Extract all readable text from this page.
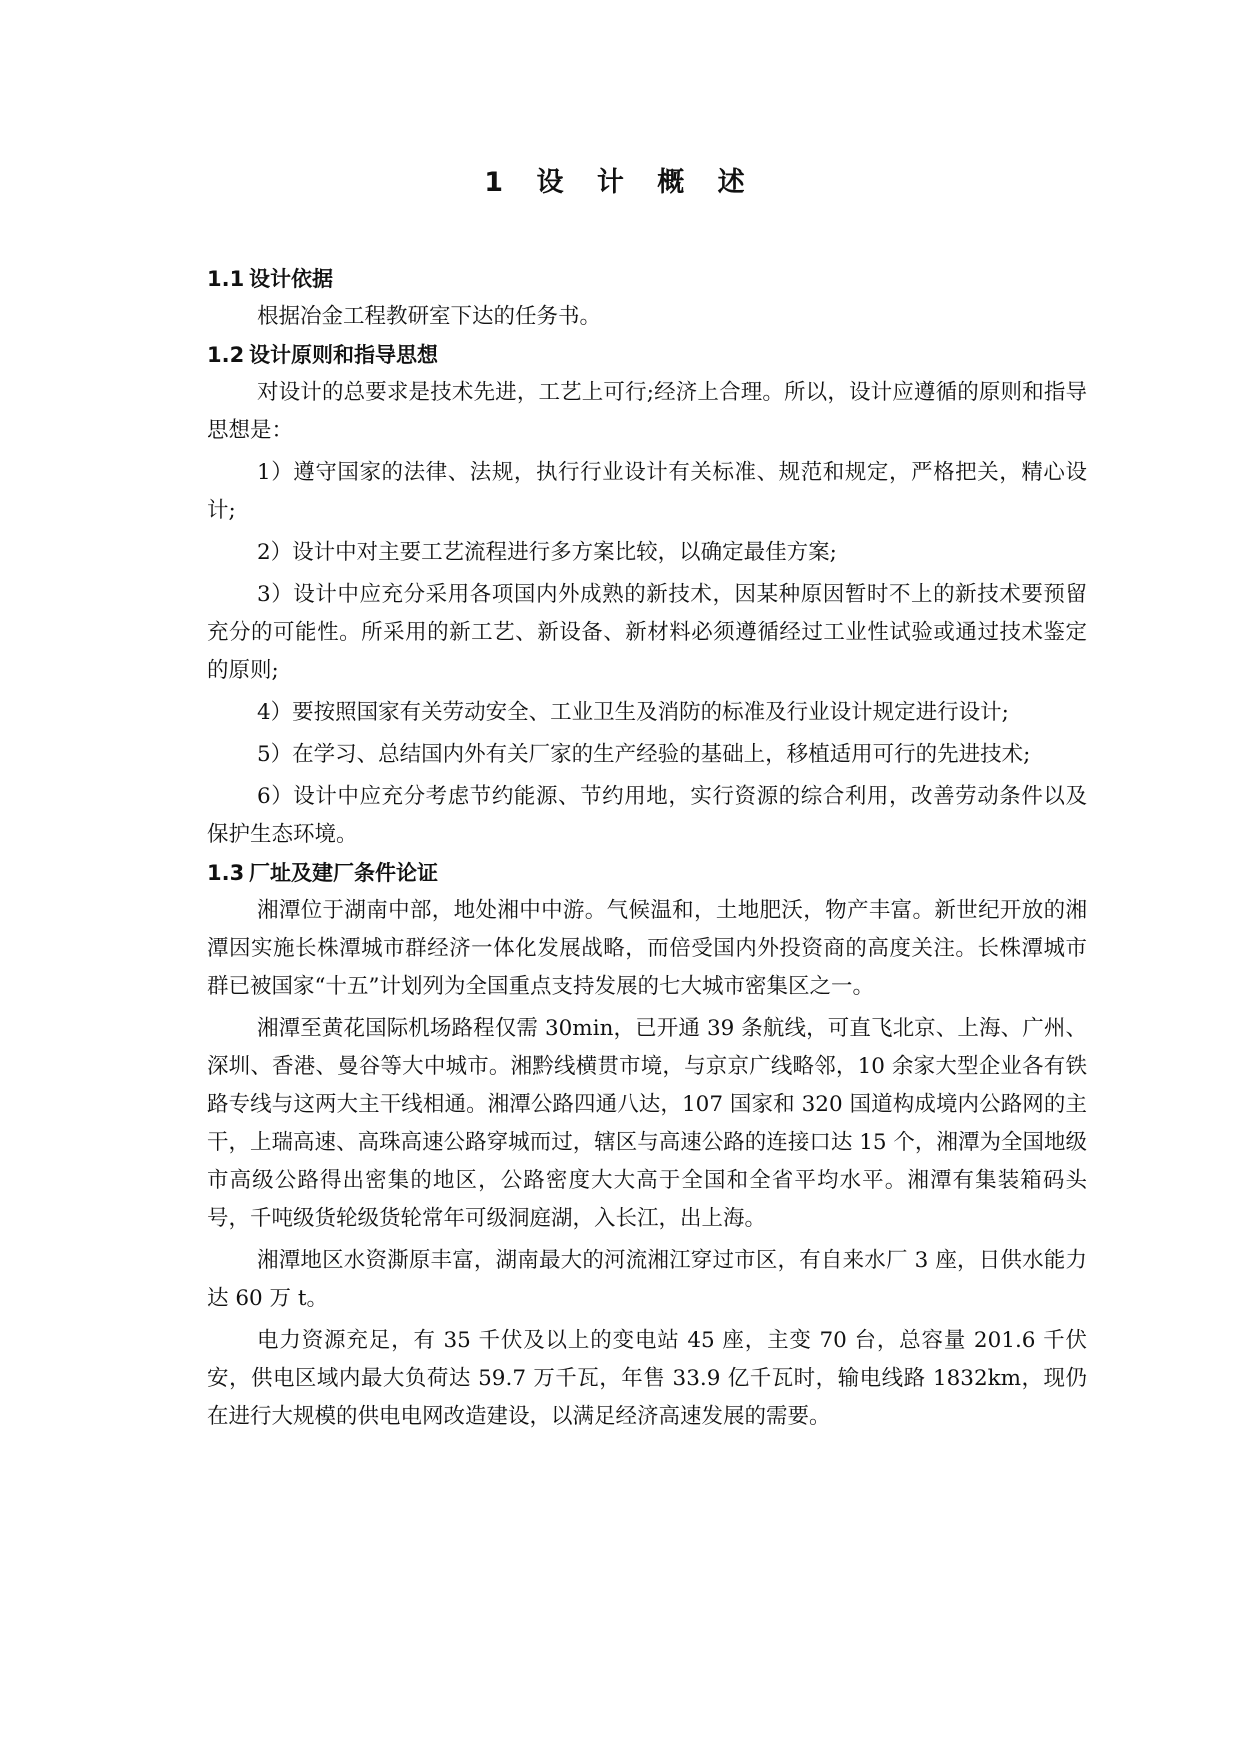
1 设 计 概 述
1.1 设计依据

根据冶金工程教研室下达的任务书。

1.2 设计原则和指导思想

对设计的总要求是技术先进，工艺上可行;经济上合理。所以，设计应遵循的原则和指导思想是：

1）遵守国家的法律、法规，执行行业设计有关标准、规范和规定，严格把关，精心设计;

2）设计中对主要工艺流程进行多方案比较，以确定最佳方案;

3）设计中应充分采用各项国内外成熟的新技术，因某种原因暂时不上的新技术要预留充分的可能性。所采用的新工艺、新设备、新材料必须遵循经过工业性试验或通过技术鉴定的原则;

4）要按照国家有关劳动安全、工业卫生及消防的标准及行业设计规定进行设计;

5）在学习、总结国内外有关厂家的生产经验的基础上，移植适用可行的先进技术;

6）设计中应充分考虑节约能源、节约用地，实行资源的综合利用，改善劳动条件以及保护生态环境。

1.3 厂址及建厂条件论证

湘潭位于湖南中部，地处湘中中游。气候温和，土地肥沃，物产丰富。新世纪开放的湘潭因实施长株潭城市群经济一体化发展战略，而倍受国内外投资商的高度关注。长株潭城市群已被国家“十五”计划列为全国重点支持发展的七大城市密集区之一。

湘潭至黄花国际机场路程仅需 30min，已开通 39 条航线，可直飞北京、上海、广州、深圳、香港、曼谷等大中城市。湘黔线横贯市境，与京京广线略邻，10 余家大型企业各有铁路专线与这两大主干线相通。湘潭公路四通八达，107 国家和 320 国道构成境内公路网的主干，上瑞高速、高珠高速公路穿城而过，辖区与高速公路的连接口达 15 个，湘潭为全国地级市高级公路得出密集的地区，公路密度大大高于全国和全省平均水平。湘潭有集装箱码头号，千吨级货轮级货轮常年可级洞庭湖，入长江，出上海。

湘潭地区水资澌原丰富，湖南最大的河流湘江穿过市区，有自来水厂 3 座，日供水能力达 60 万 t。

电力资源充足，有 35 千伏及以上的变电站 45 座，主变 70 台，总容量 201.6 千伏安，供电区域内最大负荷达 59.7 万千瓦，年售 33.9 亿千瓦时，输电线路 1832km，现仍在进行大规模的供电电网改造建设，以满足经济高速发展的需要。
